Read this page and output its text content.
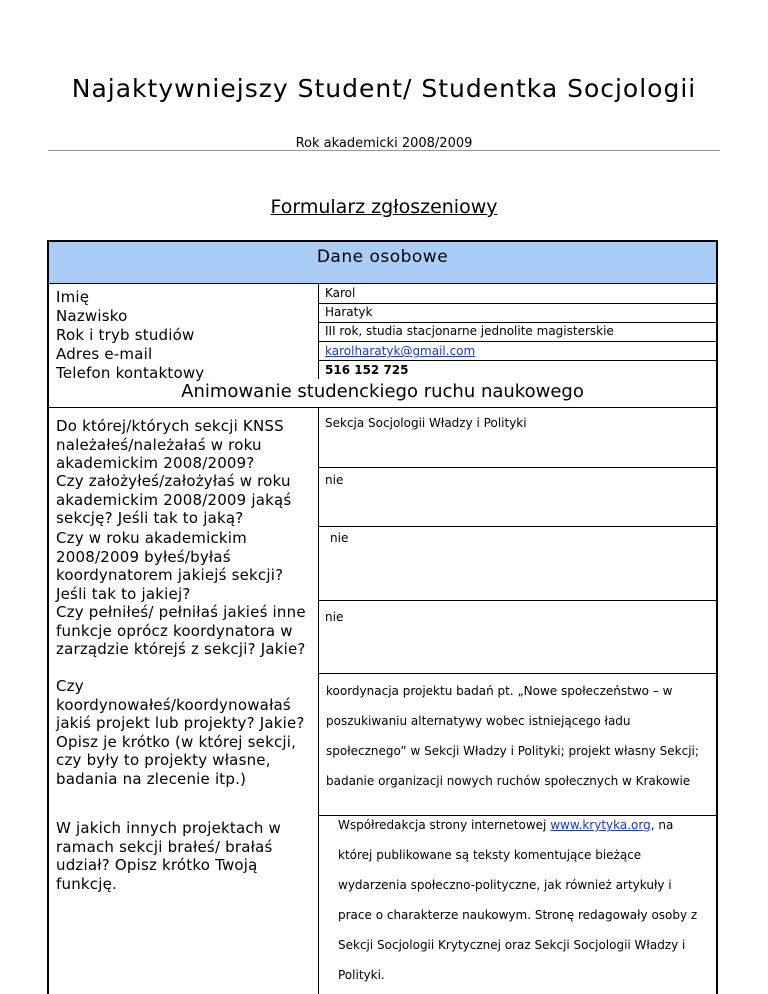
Najaktywniejszy Student/ Studentka Socjologii
Rok akademicki 2008/2009
Formularz zgłoszeniowy
Dane osobowe
Imię
Nazwisko
Rok i tryb studiów
Adres e-mail
Telefon kontaktowy
Karol
Haratyk
III rok, studia stacjonarne jednolite magisterskie
karolharatyk@gmail.com
516 152 725
Animowanie studenckiego ruchu naukowego
Do której/których sekcji KNSS należałeś/należałaś w roku akademickim 2008/2009?
Czy założyłeś/założyłaś w roku akademickim 2008/2009 jakąś sekcję? Jeśli tak to jaką?
Czy w roku akademickim 2008/2009 byłeś/byłaś koordynatorem jakiejś sekcji? Jeśli tak to jakiej?
Czy pełniłeś/ pełniłaś jakieś inne funkcje oprócz koordynatora w zarządzie którejś z sekcji? Jakie?
Czy koordynowałeś/koordynowałaś jakiś projekt lub projekty? Jakie? Opisz je krótko (w której sekcji, czy były to projekty własne, badania na zlecenie itp.)
W jakich innych projektach w ramach sekcji brałeś/ brałaś udział? Opisz krótko Twoją funkcję.
Sekcja Socjologii Władzy i Polityki
nie
nie
nie
koordynacja projektu badań pt. „Nowe społeczeństwo – w poszukiwaniu alternatywy wobec istniejącego ładu społecznego” w Sekcji Władzy i Polityki; projekt własny Sekcji; badanie organizacji nowych ruchów społecznych w Krakowie
Współredakcja strony internetowej www.krytyka.org, na której publikowane są teksty komentujące bieżące wydarzenia społeczno-polityczne, jak również artykuły i prace o charakterze naukowym. Stronę redagowały osoby z Sekcji Socjologii Krytycznej oraz Sekcji Socjologii Władzy i Polityki.
